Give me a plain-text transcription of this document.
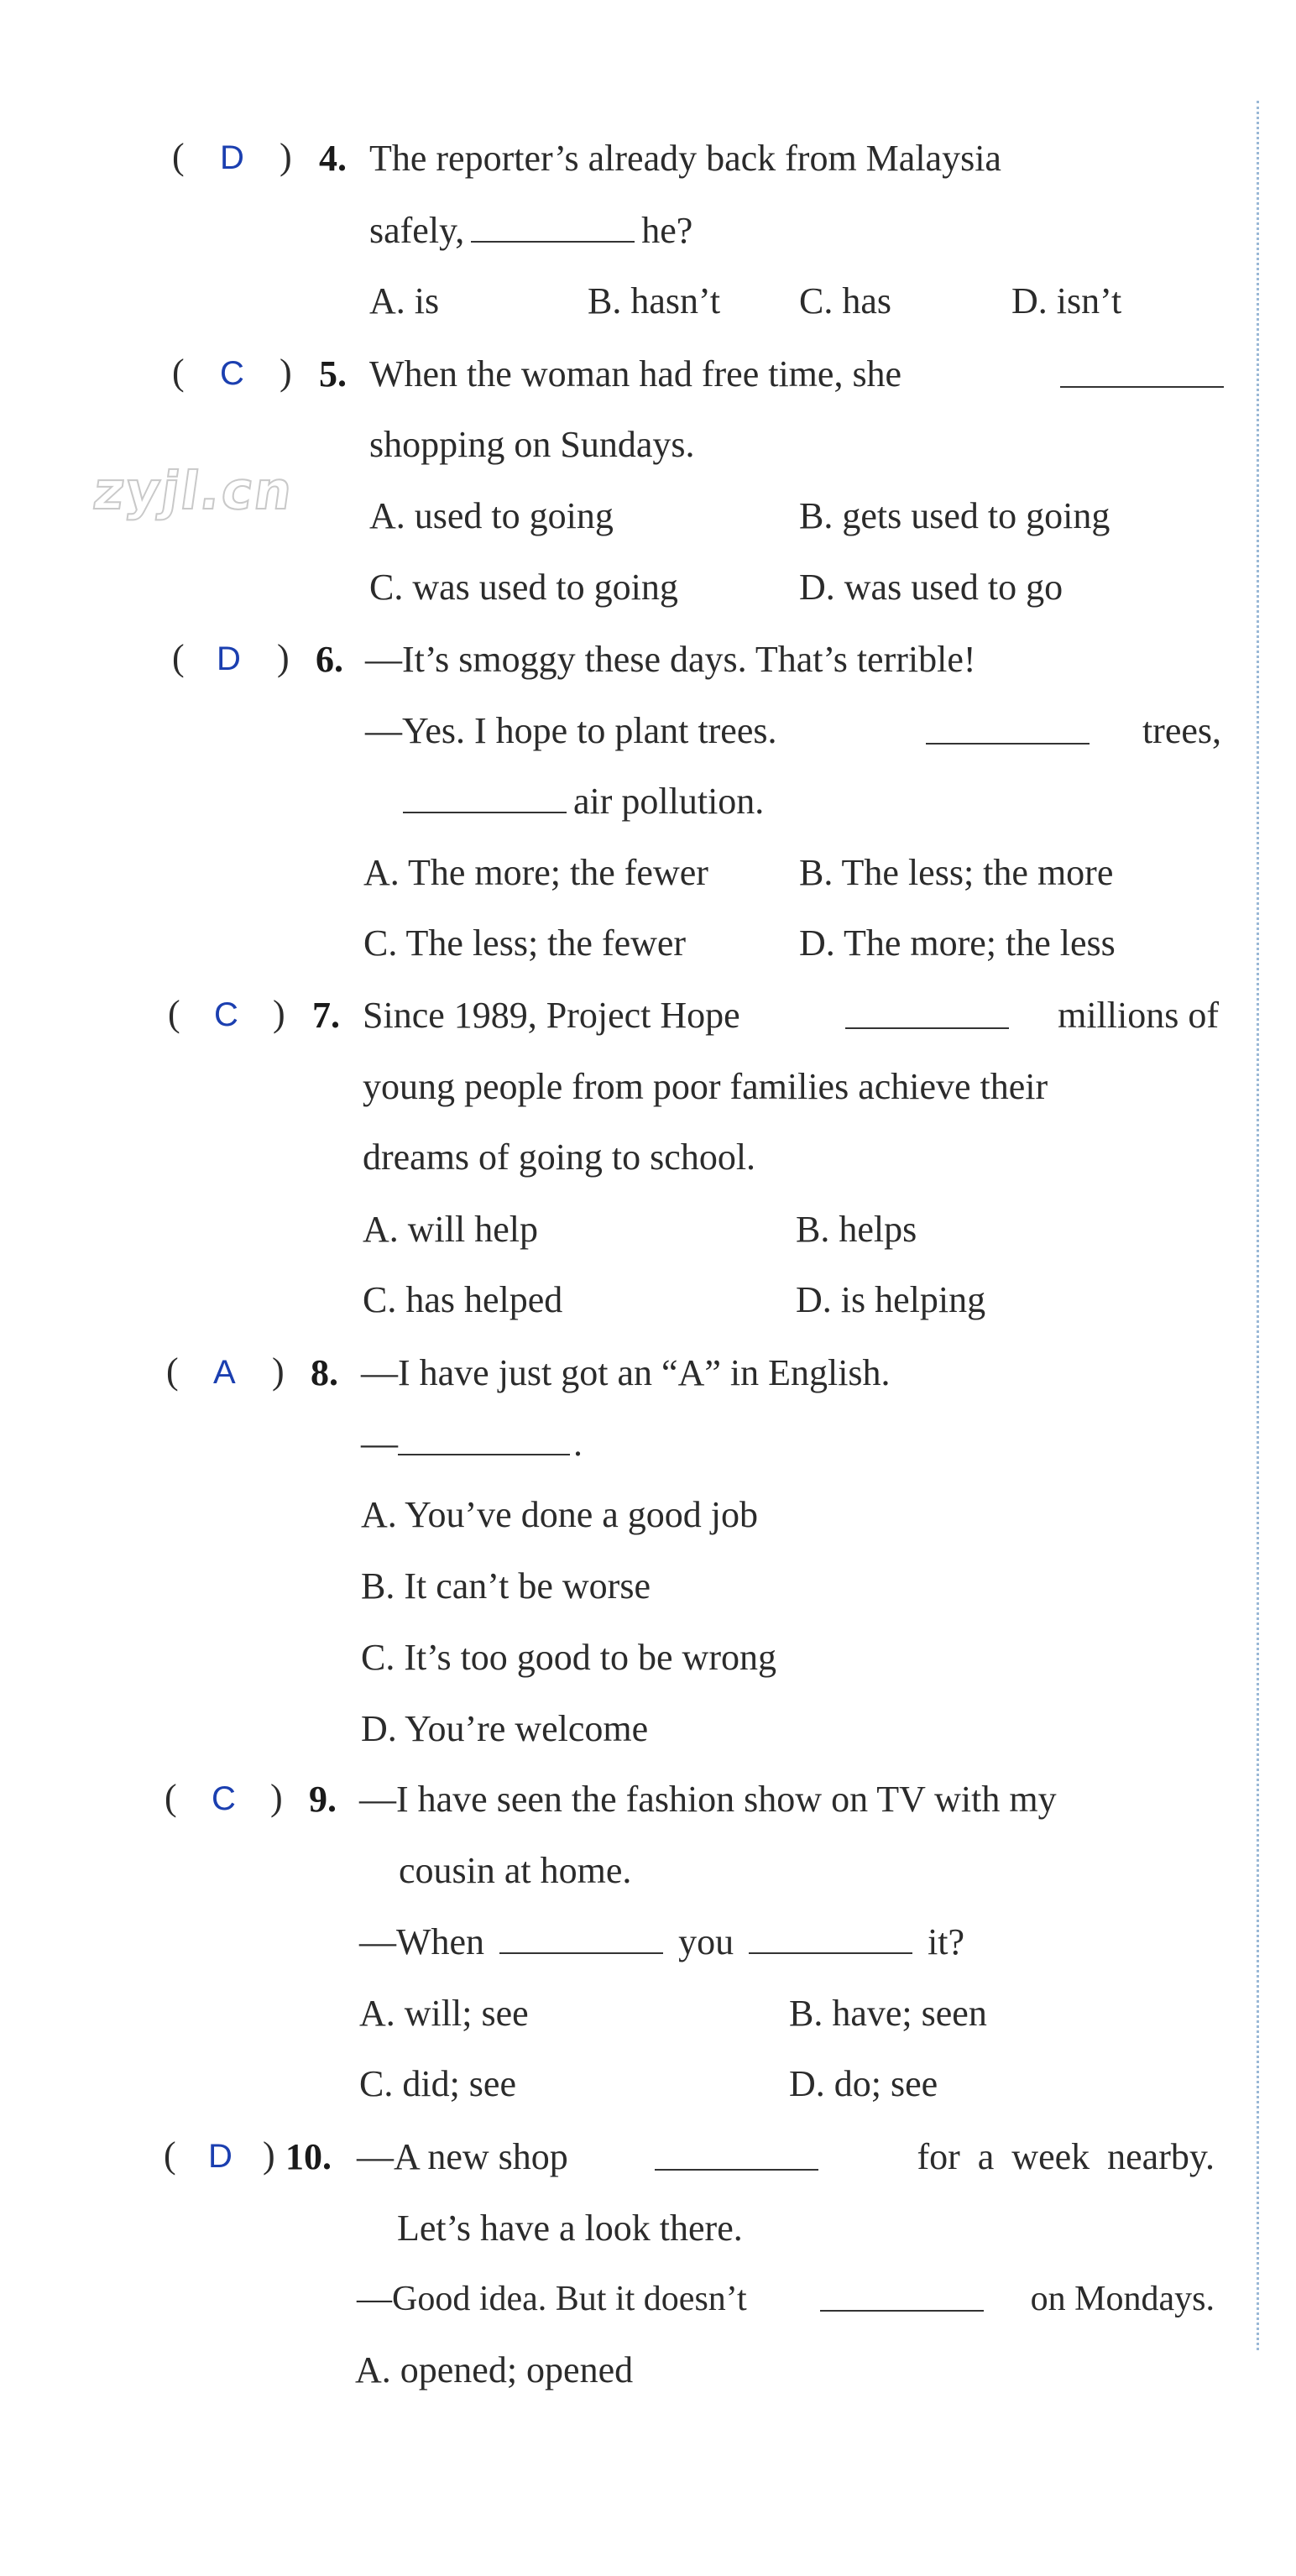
zyjl.cn
( D ) 4. The reporter’s already back from Malaysia
safely,	he?
A. is	B. hasn’t C. has	D. isn’t
( C ) 5. When the woman had free time, she
shopping on Sundays.
A. used to going	B. gets used to going
C. was used to going	D. was used to go
( D ) 6. —It’s smoggy these days. That’s terrible!
—Yes. I hope to plant trees.	trees,
air pollution.
A. The more; the fewer B. The less; the more
C. The less; the fewer	D. The more; the less
( C ) 7. Since 1989, Project Hope	millions of
young people from poor families achieve their
dreams of going to school.
A. will help	B. helps
C. has helped	D. is helping
( A ) 8. —I have just got an “A” in English.
—	.
A. You’ve done a good job
B. It can’t be worse
C. It’s too good to be wrong
D. You’re welcome
( C ) 9. —I have seen the fashion show on TV with my
cousin at home.
—When	you	it?
A. will; see	B. have; seen
C. did; see	D. do; see
( D ) 10. —A new shop	for a week nearby.
Let’s have a look there.
—Good idea. But it doesn’t	on Mondays.
A. opened; opened
